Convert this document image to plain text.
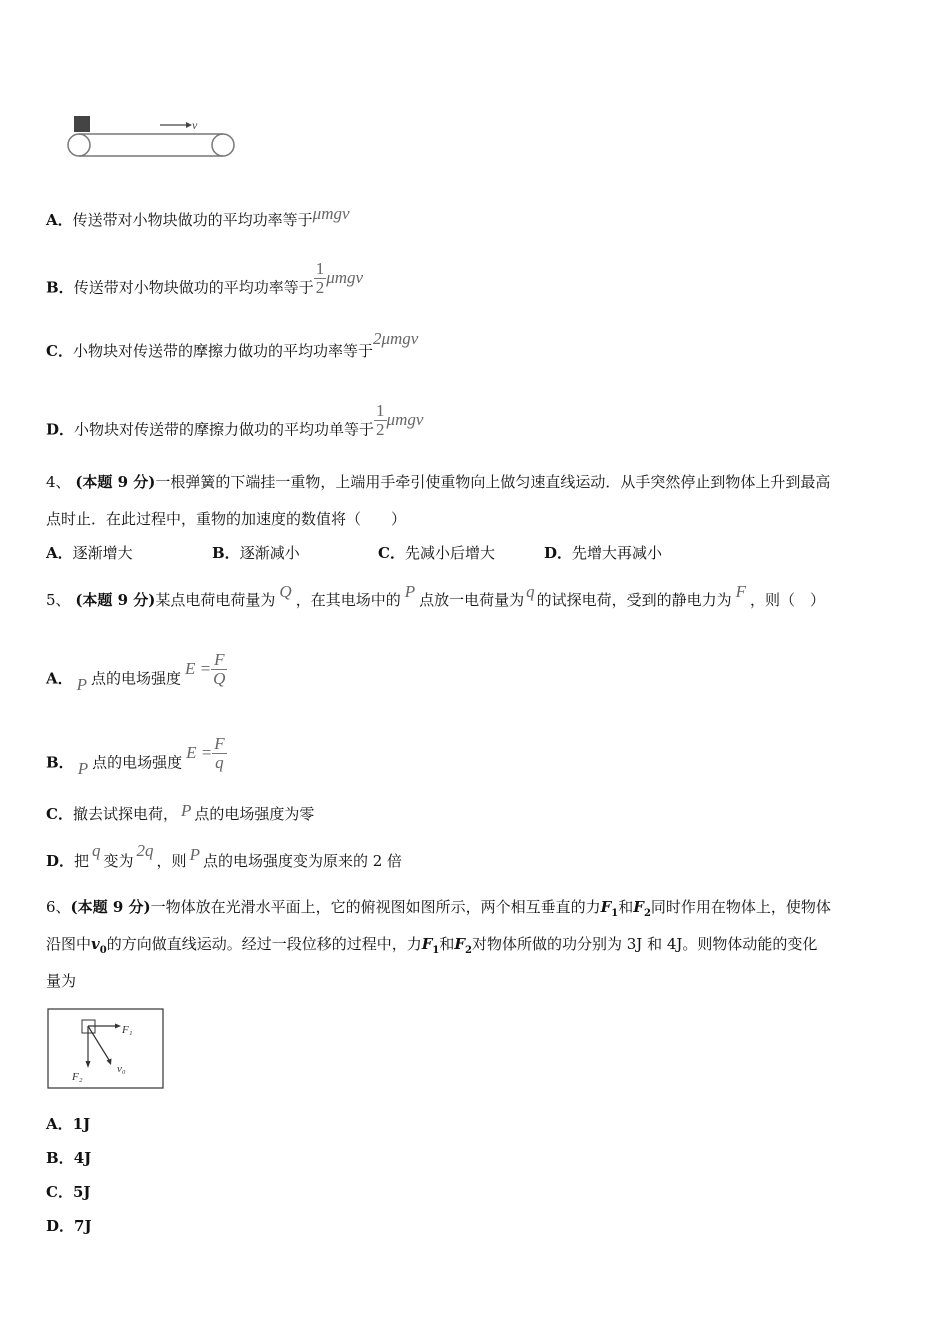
v
A．传送带对小物块做功的平均功率等于μmgv
B．传送带对小物块做功的平均功率等于 $\frac{1}{2}$ μmgv
C．小物块对传送带的摩擦力做功的平均功率等于2μmgv
D．小物块对传送带的摩擦力做功的平均功单等于 $\frac{1}{2}$ μmgv
4、 (本题 9 分)一根弹簧的下端挂一重物，上端用手牵引使重物向上做匀速直线运动．从手突然停止到物体上升到最高
点时止．在此过程中，重物的加速度的数值将（　　）
A．逐渐增大	B．逐渐减小	C．先减小后增大	D．先增大再减小
5、 (本题 9 分)某点电荷电荷量为 Q ，在其电场中的 P 点放一电荷量为 q 的试探电荷，受到的静电力为 F ，则（　）
A． P 点的电场强度$E = \frac{F}{Q}$
B． P 点的电场强度$E = \frac{F}{q}$
C．撤去试探电荷， P 点的电场强度为零
D．把q变为2q，则 P 点的电场强度变为原来的 2 倍
6、(本题 9 分)一物体放在光滑水平面上，它的俯视图如图所示，两个相互垂直的力$F_1$和$F_2$同时作用在物体上，使物体
沿图中$v_0$的方向做直线运动。经过一段位移的过程中，力$F_1$和$F_2$对物体所做的功分别为 3J 和 4J。则物体动能的变化
量为
F₁
F₂
v₀
A．1J
B．4J
C．5J
D．7J
